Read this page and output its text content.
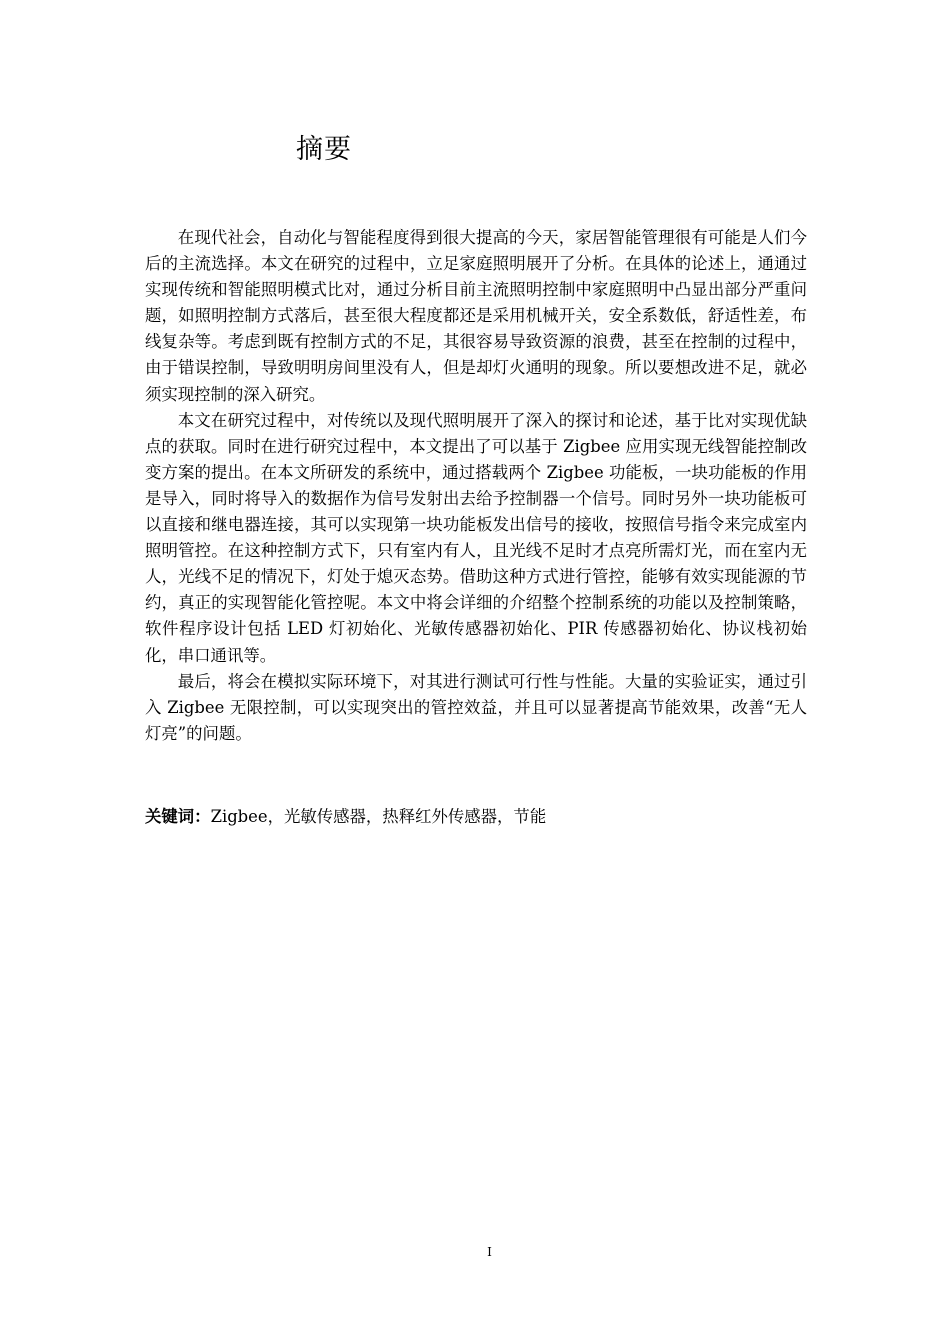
摘要

在现代社会，自动化与智能程度得到很大提高的今天，家居智能管理很有可能是人们今后的主流选择。本文在研究的过程中，立足家庭照明展开了分析。在具体的论述上，通通过实现传统和智能照明模式比对，通过分析目前主流照明控制中家庭照明中凸显出部分严重问题，如照明控制方式落后，甚至很大程度都还是采用机械开关，安全系数低，舒适性差，布线复杂等。考虑到既有控制方式的不足，其很容易导致资源的浪费，甚至在控制的过程中，由于错误控制，导致明明房间里没有人，但是却灯火通明的现象。所以要想改进不足，就必须实现控制的深入研究。

本文在研究过程中，对传统以及现代照明展开了深入的探讨和论述，基于比对实现优缺点的获取。同时在进行研究过程中，本文提出了可以基于 Zigbee 应用实现无线智能控制改变方案的提出。在本文所研发的系统中，通过搭载两个 Zigbee 功能板，一块功能板的作用是导入，同时将导入的数据作为信号发射出去给予控制器一个信号。同时另外一块功能板可以直接和继电器连接，其可以实现第一块功能板发出信号的接收，按照信号指令来完成室内照明管控。在这种控制方式下，只有室内有人，且光线不足时才点亮所需灯光，而在室内无人，光线不足的情况下，灯处于熄灭态势。借助这种方式进行管控，能够有效实现能源的节约，真正的实现智能化管控呢。本文中将会详细的介绍整个控制系统的功能以及控制策略，软件程序设计包括 LED 灯初始化、光敏传感器初始化、PIR 传感器初始化、协议栈初始化，串口通讯等。

最后，将会在模拟实际环境下，对其进行测试可行性与性能。大量的实验证实，通过引入 Zigbee 无限控制，可以实现突出的管控效益，并且可以显著提高节能效果，改善“无人灯亮”的问题。

关键词：Zigbee，光敏传感器，热释红外传感器，节能

I
